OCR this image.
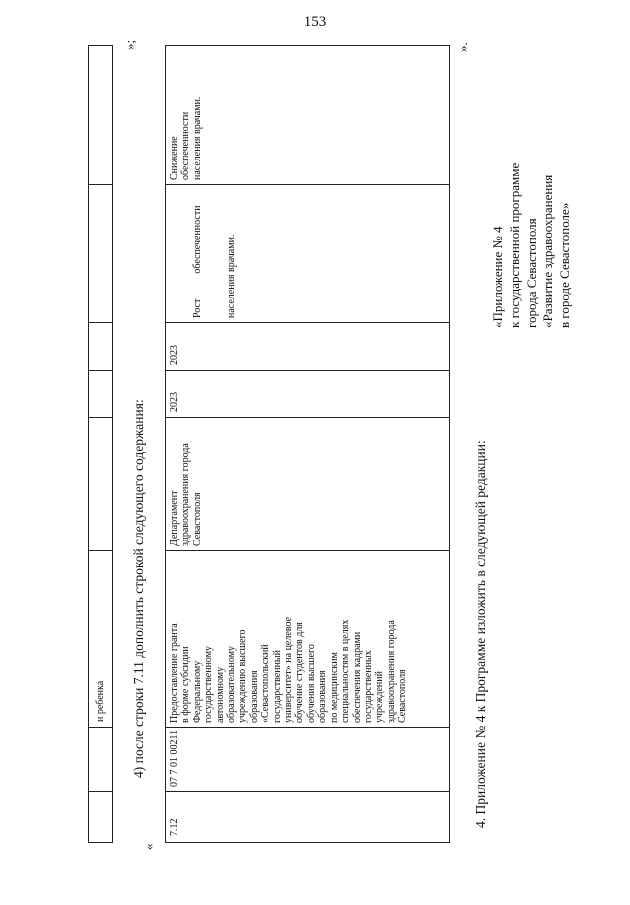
153
и ребенка
»;
«
4) после строки 7.11 дополнить строкой следующего содержания:
7.12
07 7 01 00211
Предоставление гранта в форме субсидии Федеральному государственному автономному образовательному учреждению высшего образования «Севастопольский государственный университет» на целевое обучение студентов для обучения высшего образования по медицинским специальностям в целях обеспечения кадрами государственных учреждений здравоохранения города Севастополя
Департамент здравоохранения города Севастополя
2023
2023

Рост          обеспеченности

населения врачами.

Снижение обеспеченности населения врачами.
».
4. Приложение № 4 к Программе изложить в следующей редакции:
«Приложение № 4 к государственной программе города Севастополя «Развитие здравоохранения в городе Севастополе»
